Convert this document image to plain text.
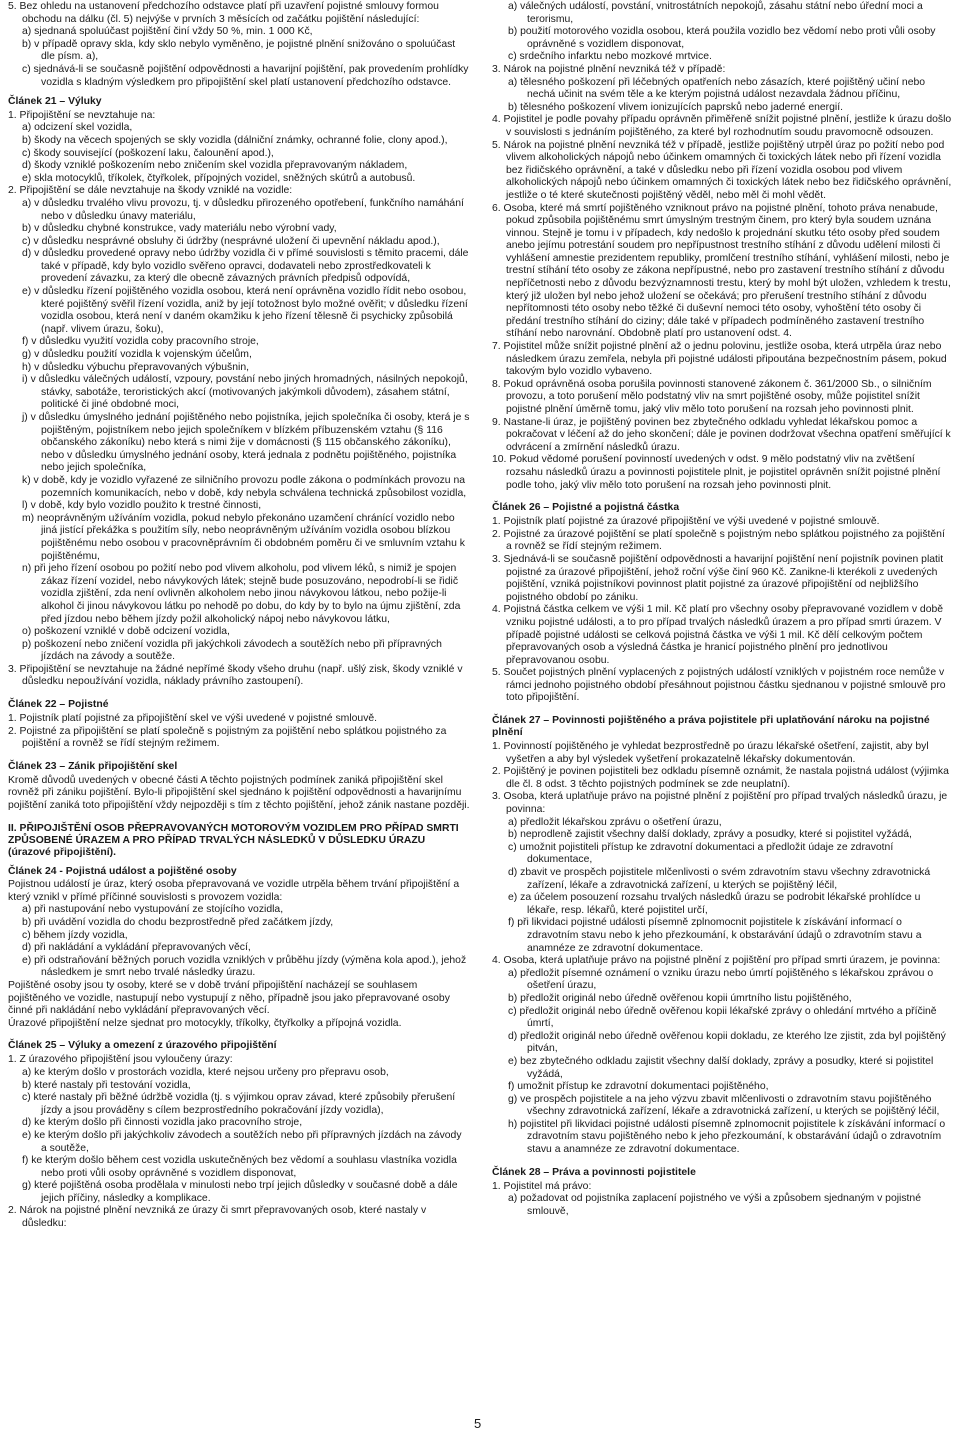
5. Bez ohledu na ustanovení předchozího odstavce platí při uzavření pojistné smlouvy formou obchodu na dálku (čl. 5) nejvýše v prvních 3 měsících od začátku pojištění následující:
a) sjednaná spoluúčast pojištění činí vždy 50 %, min. 1 000 Kč,
b) v případě opravy skla, kdy sklo nebylo vyměněno, je pojistné plnění snižováno o spoluúčast dle písm. a),
c) sjednává-li se současně pojištění odpovědnosti a havarijní pojištění, pak provedením prohlídky vozidla s kladným výsledkem pro připojištění skel platí ustanovení předchozího odstavce.
Článek 21 – Výluky
1. Připojištění se nevztahuje na:
a) odcizení skel vozidla,
b) škody na věcech spojených se skly vozidla (dálniční známky, ochranné folie, clony apod.),
c) škody související (poškození laku, čalounění apod.),
d) škody vzniklé poškozením nebo zničením skel vozidla přepravovaným nákladem,
e) skla motocyklů, tříkolek, čtyřkolek, přípojných vozidel, sněžných skútrů a autobusů.
2. Připojištění se dále nevztahuje na škody vzniklé na vozidle:
a) v důsledku trvalého vlivu provozu, tj. v důsledku přirozeného opotřebení, funkčního namáhání nebo v důsledku únavy materiálu,
b) v důsledku chybné konstrukce, vady materiálu nebo výrobní vady,
c) v důsledku nesprávné obsluhy či údržby (nesprávné uložení či upevnění nákladu apod.),
d) v důsledku provedené opravy nebo údržby vozidla či v přímé souvislosti s těmito pracemi, dále také v případě, kdy bylo vozidlo svěřeno opravci, dodavateli nebo zprostředkovateli k provedení závazku, za který dle obecně závazných právních předpisů odpovídá,
e) v důsledku řízení pojištěného vozidla osobou, která není oprávněna vozidlo řídit nebo osobou, které pojištěný svěřil řízení vozidla, aniž by její totožnost bylo možné ověřit; v důsledku řízení vozidla osobou, která není v daném okamžiku k jeho řízení tělesně či psychicky způsobilá (např. vlivem úrazu, šoku),
f) v důsledku využití vozidla coby pracovního stroje,
g) v důsledku použití vozidla k vojenským účelům,
h) v důsledku výbuchu přepravovaných výbušnin,
i) v důsledku válečných událostí, vzpoury, povstání nebo jiných hromadných, násilných nepokojů, stávky, sabotáže, teroristických akcí (motivovaných jakýmkoli důvodem), zásahem státní, politické či jiné obdobné moci,
j) v důsledku úmyslného jednání pojištěného nebo pojistníka, jejich společníka či osoby, která je s pojištěným, pojistníkem nebo jejich společníkem v blízkém příbuzenském vztahu (§ 116 občanského zákoníku) nebo která s nimi žije v domácnosti (§ 115 občanského zákoníku), nebo v důsledku úmyslného jednání osoby, která jednala z podnětu pojištěného, pojistníka nebo jejich společníka,
k) v době, kdy je vozidlo vyřazené ze silničního provozu podle zákona o podmínkách provozu na pozemních komunikacích, nebo v době, kdy nebyla schválena technická způsobilost vozidla,
l) v době, kdy bylo vozidlo použito k trestné činnosti,
m) neoprávněným užíváním vozidla, pokud nebylo překonáno uzamčení chránící vozidlo nebo jiná jistící překážka s použitím síly, nebo neoprávněným užíváním vozidla osobou blízkou pojištěnému nebo osobou v pracovněprávním či obdobném poměru či ve smluvním vztahu k pojištěnému,
n) při jeho řízení osobou po požití nebo pod vlivem alkoholu, pod vlivem léků, s nimiž je spojen zákaz řízení vozidel, nebo návykových látek; stejně bude posuzováno, nepodrobí-li se řidič vozidla zjištění, zda není ovlivněn alkoholem nebo jinou návykovou látkou, nebo požije-li alkohol či jinou návykovou látku po nehodě po dobu, do kdy by to bylo na újmu zjištění, zda před jízdou nebo během jízdy požil alkoholický nápoj nebo návykovou látku,
o) poškození vzniklé v době odcizení vozidla,
p) poškození nebo zničení vozidla při jakýchkoli závodech a soutěžích nebo při přípravných jízdách na závody a soutěže.
3. Připojištění se nevztahuje na žádné nepřímé škody všeho druhu (např. ušlý zisk, škody vzniklé v důsledku nepoužívání vozidla, náklady právního zastoupení).
Článek 22 – Pojistné
1. Pojistník platí pojistné za připojištění skel ve výši uvedené v pojistné smlouvě.
2. Pojistné za připojištění se platí společně s pojistným za pojištění nebo splátkou pojistného za pojištění a rovněž se řídí stejným režimem.
Článek 23 – Zánik připojištění skel
Kromě důvodů uvedených v obecné části A těchto pojistných podmínek zaniká připojištění skel rovněž při zániku pojištění. Bylo-li připojištění skel sjednáno k pojištění odpovědnosti a havarijnímu pojištění zaniká toto připojištění vždy nejpozději s tím z těchto pojištění, jehož zánik nastane později.
II. PŘIPOJIŠTĚNÍ OSOB PŘEPRAVOVANÝCH MOTOROVÝM VOZIDLEM PRO PŘÍPAD SMRTI ZPŮSOBENÉ ÚRAZEM A PRO PŘÍPAD TRVALÝCH NÁSLEDKŮ V DŮSLEDKU ÚRAZU (úrazové připojištění).
Článek 24 - Pojistná událost a pojištěné osoby
Pojistnou událostí je úraz, který osoba přepravovaná ve vozidle utrpěla během trvání připojištění a který vznikl v přímé příčinné souvislosti s provozem vozidla:
a) při nastupování nebo vystupování ze stojícího vozidla,
b) při uvádění vozidla do chodu bezprostředně před začátkem jízdy,
c) během jízdy vozidla,
d) při nakládání a vykládání přepravovaných věcí,
e) při odstraňování běžných poruch vozidla vzniklých v průběhu jízdy (výměna kola apod.), jehož následkem je smrt nebo trvalé následky úrazu.
Pojištěné osoby jsou ty osoby, které se v době trvání připojištění nacházejí se souhlasem pojištěného ve vozidle, nastupují nebo vystupují z něho, případně jsou jako přepravované osoby činné při nakládání nebo vykládání přepravovaných věcí.
Úrazové připojištění nelze sjednat pro motocykly, tříkolky, čtyřkolky a přípojná vozidla.
Článek 25 – Výluky a omezení z úrazového připojištění
1. Z úrazového připojištění jsou vyloučeny úrazy:
a) ke kterým došlo v prostorách vozidla, které nejsou určeny pro přepravu osob,
b) které nastaly při testování vozidla,
c) které nastaly při běžné údržbě vozidla (tj. s výjimkou oprav závad, které způsobily přerušení jízdy a jsou prováděny s cílem bezprostředního pokračování jízdy vozidla),
d) ke kterým došlo při činnosti vozidla jako pracovního stroje,
e) ke kterým došlo při jakýchkoliv závodech a soutěžích nebo při přípravných jízdách na závody a soutěže,
f) ke kterým došlo během cest vozidla uskutečněných bez vědomí a souhlasu vlastníka vozidla nebo proti vůli osoby oprávněné s vozidlem disponovat,
g) které pojištěná osoba prodělala v minulosti nebo trpí jejich důsledky v současné době a dále jejich příčiny, následky a komplikace.
2. Nárok na pojistné plnění nevzniká ze úrazy či smrt přepravovaných osob, které nastaly v důsledku:
a) válečných událostí, povstání, vnitrostátních nepokojů, zásahu státní nebo úřední moci a terorismu,
b) použití motorového vozidla osobou, která použila vozidlo bez vědomí nebo proti vůli osoby oprávněné s vozidlem disponovat,
c) srdečního infarktu nebo mozkové mrtvice.
3. Nárok na pojistné plnění nevzniká též v případě:
a) tělesného poškození při léčebných opatřeních nebo zásazích, které pojištěný učiní nebo nechá učinit na svém těle a ke kterým pojistná událost nezavdala žádnou příčinu,
b) tělesného poškození vlivem ionizujících paprsků nebo jaderné energií.
4. Pojistitel je podle povahy případu oprávněn přiměřeně snížit pojistné plnění, jestliže k úrazu došlo v souvislosti s jednáním pojištěného, za které byl rozhodnutím soudu pravomocně odsouzen.
5. Nárok na pojistné plnění nevzniká též v případě, jestliže pojištěný utrpěl úraz po požití nebo pod vlivem alkoholických nápojů nebo účinkem omamných či toxických látek nebo při řízení vozidla bez řidičského oprávnění, a také v důsledku nebo při řízení vozidla osobou pod vlivem alkoholických nápojů nebo účinkem omamných či toxických látek nebo bez řidičského oprávnění, jestliže o té které skutečnosti pojištěný věděl, nebo měl či mohl vědět.
6. Osoba, které má smrtí pojištěného vzniknout právo na pojistné plnění, tohoto práva nenabude, pokud způsobila pojištěnému smrt úmyslným trestným činem, pro který byla soudem uznána vinnou. Stejně je tomu i v případech, kdy nedošlo k projednání skutku této osoby před soudem anebo jejímu potrestání soudem pro nepřípustnost trestního stíhání z důvodu udělení milosti či vyhlášení amnestie prezidentem republiky, promlčení trestního stíhání, vyhlášení milosti, nebo je trestní stíhání této osoby ze zákona nepřípustné, nebo pro zastavení trestního stíhání z důvodu nepříčetnosti nebo z důvodu bezvýznamnosti trestu, který by mohl být uložen, vzhledem k trestu, který již uložen byl nebo jehož uložení se očekává; pro přerušení trestního stíhání z důvodu nepřítomnosti této osoby nebo těžké či duševní nemoci této osoby, vyhoštění této osoby či předání trestního stíhání do ciziny; dále také v případech podmíněného zastavení trestního stíhání nebo narovnání. Obdobně platí pro ustanovení odst. 4.
7. Pojistitel může snížit pojistné plnění až o jednu polovinu, jestliže osoba, která utrpěla úraz nebo následkem úrazu zemřela, nebyla při pojistné události připoutána bezpečnostním pásem, pokud takovým bylo vozidlo vybaveno.
8. Pokud oprávněná osoba porušila povinnosti stanovené zákonem č. 361/2000 Sb., o silničním provozu, a toto porušení mělo podstatný vliv na smrt pojištěné osoby, může pojistitel snížit pojistné plnění úměrně tomu, jaký vliv mělo toto porušení na rozsah jeho povinnosti plnit.
9. Nastane-li úraz, je pojištěný povinen bez zbytečného odkladu vyhledat lékařskou pomoc a pokračovat v léčení až do jeho skončení; dále je povinen dodržovat všechna opatření směřující k odvrácení a zmírnění následků úrazu.
10. Pokud vědomé porušení povinností uvedených v odst. 9 mělo podstatný vliv na zvětšení rozsahu následků úrazu a povinnosti pojistitele plnit, je pojistitel oprávněn snížit pojistné plnění podle toho, jaký vliv mělo toto porušení na rozsah jeho povinnosti plnit.
Článek 26 – Pojistné a pojistná částka
1. Pojistník platí pojistné za úrazové připojištění ve výši uvedené v pojistné smlouvě.
2. Pojistné za úrazové pojištění se platí společně s pojistným nebo splátkou pojistného za pojištění a rovněž se řídí stejným režimem.
3. Sjednává-li se současně pojištění odpovědnosti a havarijní pojištění není pojistník povinen platit pojistné za úrazové připojištění, jehož roční výše činí 960 Kč. Zanikne-li kterékoli z uvedených pojištění, vzniká pojistníkovi povinnost platit pojistné za úrazové připojištění od nejbližšího pojistného období po zániku.
4. Pojistná částka celkem ve výši 1 mil. Kč platí pro všechny osoby přepravované vozidlem v době vzniku pojistné události, a to pro případ trvalých následků úrazem a pro případ smrti úrazem. V případě pojistné události se celková pojistná částka ve výši 1 mil. Kč dělí celkovým počtem přepravovaných osob a výsledná částka je hranicí pojistného plnění pro jednotlivou přepravovanou osobu.
5. Součet pojistných plnění vyplacených z pojistných událostí vzniklých v pojistném roce nemůže v rámci jednoho pojistného období přesáhnout pojistnou částku sjednanou v pojistné smlouvě pro toto připojištění.
Článek 27 – Povinnosti pojištěného a práva pojistitele při uplatňování nároku na pojistné plnění
1. Povinností pojištěného je vyhledat bezprostředně po úrazu lékařské ošetření, zajistit, aby byl vyšetřen a aby byl výsledek vyšetření prokazatelně lékařsky dokumentován.
2. Pojištěný je povinen pojistiteli bez odkladu písemně oznámit, že nastala pojistná událost (výjimka dle čl. 8 odst. 3 těchto pojistných podmínek se zde neuplatní).
3. Osoba, která uplatňuje právo na pojistné plnění z pojištění pro případ trvalých následků úrazu, je povinna:
a) předložit lékařskou zprávu o ošetření úrazu,
b) neprodleně zajistit všechny další doklady, zprávy a posudky, které si pojistitel vyžádá,
c) umožnit pojistiteli přístup ke zdravotní dokumentaci a předložit údaje ze zdravotní dokumentace,
d) zbavit ve prospěch pojistitele mlčenlivosti o svém zdravotním stavu všechny zdravotnická zařízení, lékaře a zdravotnická zařízení, u kterých se pojištěný léčil,
e) za účelem posouzení rozsahu trvalých následků úrazu se podrobit lékařské prohlídce u lékaře, resp. lékařů, které pojistitel určí,
f) při likvidaci pojistné události písemně zplnomocnit pojistitele k získávání informací o zdravotním stavu nebo k jeho přezkoumání, k obstarávání údajů o zdravotním stavu a anamnéze ze zdravotní dokumentace.
4. Osoba, která uplatňuje právo na pojistné plnění z pojištění pro případ smrti úrazem, je povinna:
a) předložit písemné oznámení o vzniku úrazu nebo úmrtí pojištěného s lékařskou zprávou o ošetření úrazu,
b) předložit originál nebo úředně ověřenou kopii úmrtního listu pojištěného,
c) předložit originál nebo úředně ověřenou kopii lékařské zprávy o ohledání mrtvého a příčině úmrtí,
d) předložit originál nebo úředně ověřenou kopii dokladu, ze kterého lze zjistit, zda byl pojištěný pitván,
e) bez zbytečného odkladu zajistit všechny další doklady, zprávy a posudky, které si pojistitel vyžádá,
f) umožnit přístup ke zdravotní dokumentaci pojištěného,
g) ve prospěch pojistitele a na jeho výzvu zbavit mlčenlivosti o zdravotním stavu pojištěného všechny zdravotnická zařízení, lékaře a zdravotnická zařízení, u kterých se pojištěný léčil,
h) pojistitel při likvidaci pojistné události písemně zplnomocnit pojistitele k získávání informací o zdravotním stavu pojištěného nebo k jeho přezkoumání, k obstarávání údajů o zdravotním stavu a anamnéze ze zdravotní dokumentace.
Článek 28 – Práva a povinnosti pojistitele
1. Pojistitel má právo:
a) požadovat od pojistníka zaplacení pojistného ve výši a způsobem sjednaným v pojistné smlouvě,
5
